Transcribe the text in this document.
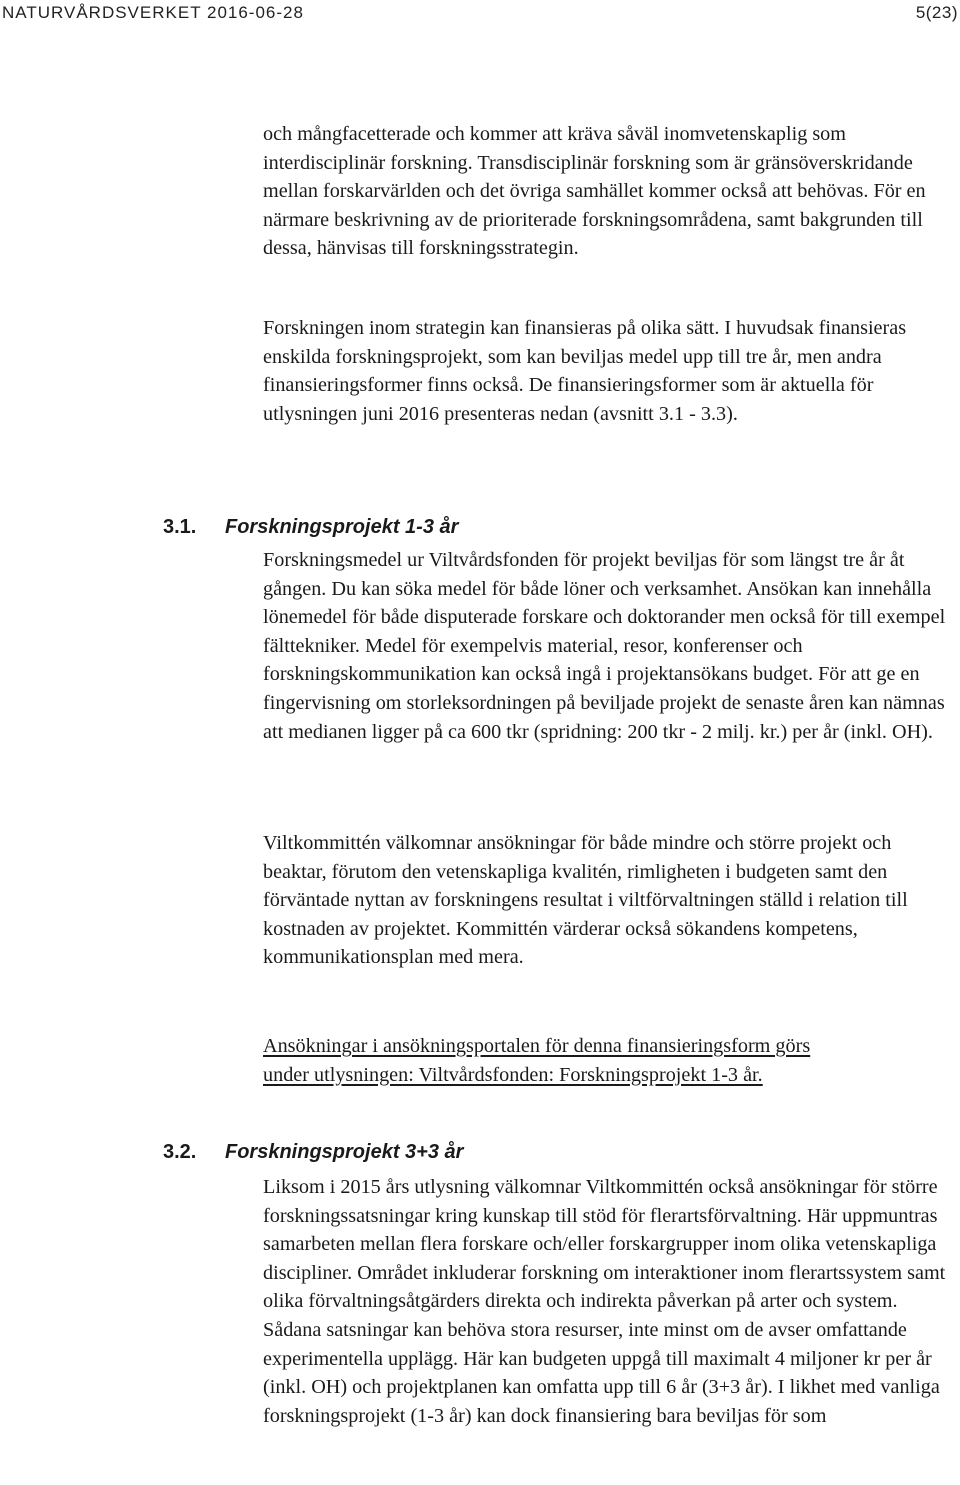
NATURVÅRDSVERKET 2016-06-28	5(23)

och mångfacetterade och kommer att kräva såväl inomvetenskaplig som interdisciplinär forskning. Transdisciplinär forskning som är gränsöverskridande mellan forskarvärlden och det övriga samhället kommer också att behövas. För en närmare beskrivning av de prioriterade forskningsområdena, samt bakgrunden till dessa, hänvisas till forskningsstrategin.

Forskningen inom strategin kan finansieras på olika sätt. I huvudsak finansieras enskilda forskningsprojekt, som kan beviljas medel upp till tre år, men andra finansieringsformer finns också. De finansieringsformer som är aktuella för utlysningen juni 2016 presenteras nedan (avsnitt 3.1 - 3.3).

3.1. Forskningsprojekt 1-3 år

Forskningsmedel ur Viltvårdsfonden för projekt beviljas för som längst tre år åt gången. Du kan söka medel för både löner och verksamhet. Ansökan kan innehålla lönemedel för både disputerade forskare och doktorander men också för till exempel fälttekniker. Medel för exempelvis material, resor, konferenser och forskningskommunikation kan också ingå i projektansökans budget. För att ge en fingervisning om storleksordningen på beviljade projekt de senaste åren kan nämnas att medianen ligger på ca 600 tkr (spridning: 200 tkr - 2 milj. kr.) per år (inkl. OH).

Viltkommittén välkomnar ansökningar för både mindre och större projekt och beaktar, förutom den vetenskapliga kvalitén, rimligheten i budgeten samt den förväntade nyttan av forskningens resultat i viltförvaltningen ställd i relation till kostnaden av projektet. Kommittén värderar också sökandens kompetens, kommunikationsplan med mera.

Ansökningar i ansökningsportalen för denna finansieringsform görs
under utlysningen: Viltvårdsfonden: Forskningsprojekt 1-3 år.

3.2. Forskningsprojekt 3+3 år

Liksom i 2015 års utlysning välkomnar Viltkommittén också ansökningar för större forskningssatsningar kring kunskap till stöd för flerartsförvaltning. Här uppmuntras samarbeten mellan flera forskare och/eller forskargrupper inom olika vetenskapliga discipliner. Området inkluderar forskning om interaktioner inom flerartssystem samt olika förvaltningsåtgärders direkta och indirekta påverkan på arter och system. Sådana satsningar kan behöva stora resurser, inte minst om de avser omfattande experimentella upplägg. Här kan budgeten uppgå till maximalt 4 miljoner kr per år (inkl. OH) och projektplanen kan omfatta upp till 6 år (3+3 år). I likhet med vanliga forskningsprojekt (1-3 år) kan dock finansiering bara beviljas för som
